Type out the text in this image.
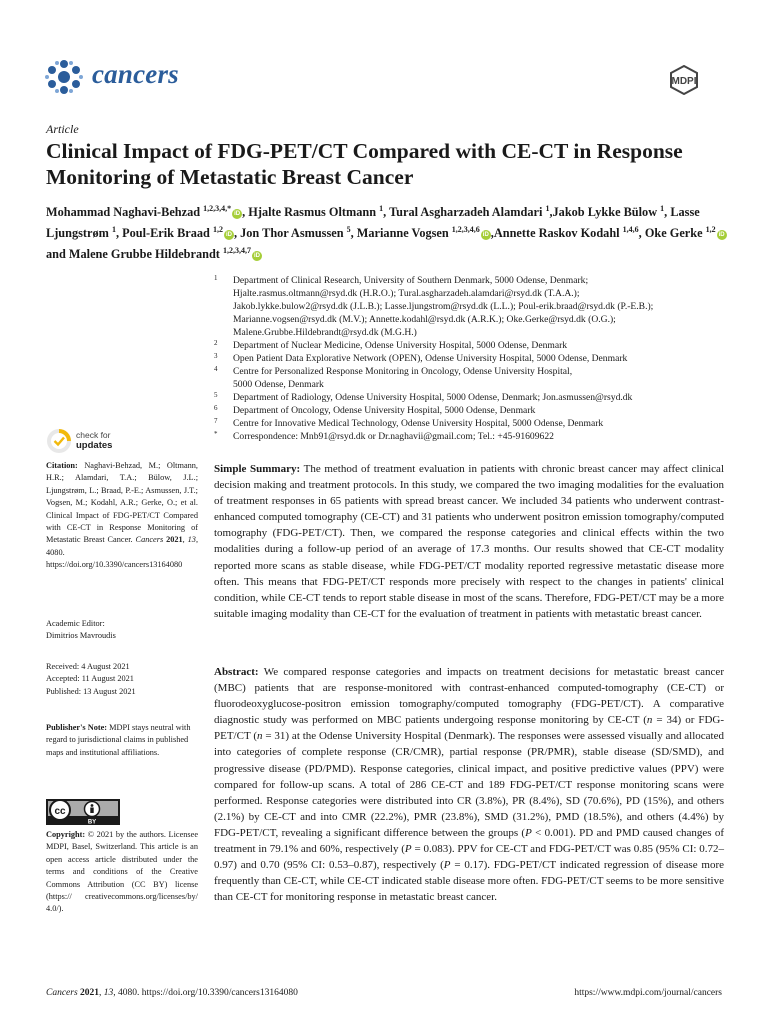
cancers	MDPI
Article
Clinical Impact of FDG-PET/CT Compared with CE-CT in Response Monitoring of Metastatic Breast Cancer
Mohammad Naghavi-Behzad $^{1,2,3,4,*}$iD , Hjalte Rasmus Oltmann $^1$, Tural Asgharzadeh Alamdari $^1$,Jakob Lykke Bülow $^1$, Lasse Ljungstrøm $^1$, Poul-Erik Braad $^{1,2}$iD , Jon Thor Asmussen $^5$, Marianne Vogsen $^{1,2,3,4,6}$iD ,Annette Raskov Kodahl $^{1,4,6}$, Oke Gerke $^{1,2}$iD and Malene Grubbe Hildebrandt $^{1,2,3,4,7}$iD
1 Department of Clinical Research, University of Southern Denmark, 5000 Odense, Denmark;
Hjalte.rasmus.oltmann@rsyd.dk (H.R.O.); Tural.asgharzadeh.alamdari@rsyd.dk (T.A.A.);
Jakob.lykke.bulow2@rsyd.dk (J.L.B.); Lasse.ljungstrom@rsyd.dk (L.L.); Poul-erik.braad@rsyd.dk (P.-E.B.);
Marianne.vogsen@rsyd.dk (M.V.); Annette.kodahl@rsyd.dk (A.R.K.); Oke.Gerke@rsyd.dk (O.G.);
Malene.Grubbe.Hildebrandt@rsyd.dk (M.G.H.)
2 Department of Nuclear Medicine, Odense University Hospital, 5000 Odense, Denmark
3 Open Patient Data Explorative Network (OPEN), Odense University Hospital, 5000 Odense, Denmark
4 Centre for Personalized Response Monitoring in Oncology, Odense University Hospital,
5000 Odense, Denmark
5 Department of Radiology, Odense University Hospital, 5000 Odense, Denmark; Jon.asmussen@rsyd.dk
6 Department of Oncology, Odense University Hospital, 5000 Odense, Denmark
7 Centre for Innovative Medical Technology, Odense University Hospital, 5000 Odense, Denmark
* Correspondence: Mnb91@rsyd.dk or Dr.naghavii@gmail.com; Tel.: +45-91609622
check for
updates
Citation: Naghavi-Behzad, M.; Oltmann, H.R.; Alamdari, T.A.; Bülow, J.L.; Ljungstrøm, L.; Braad, P.-E.; Asmussen, J.T.; Vogsen, M.; Kodahl, A.R.; Gerke, O.; et al. Clinical Impact of FDG-PET/CT Compared with CE-CT in Response Monitoring of Metastatic Breast Cancer. Cancers 2021, 13, 4080. https://doi.org/10.3390/cancers13164080
Academic Editor:
Dimitrios Mavroudis
Received: 4 August 2021
Accepted: 11 August 2021
Published: 13 August 2021
Publisher's Note: MDPI stays neutral with regard to jurisdictional claims in published maps and institutional affiliations.
cc
BY
Copyright: © 2021 by the authors. Licensee MDPI, Basel, Switzerland. This article is an open access article distributed under the terms and conditions of the Creative Commons Attribution (CC BY) license (https:// creativecommons.org/licenses/by/ 4.0/).
Simple Summary: The method of treatment evaluation in patients with chronic breast cancer may affect clinical decision making and treatment protocols. In this study, we compared the two imaging modalities for the evaluation of treatment responses in 65 patients with spread breast cancer. We included 34 patients who underwent contrast-enhanced computed tomography (CE-CT) and 31 patients who underwent positron emission tomography/computed tomography (FDG-PET/CT). Then, we compared the response categories and clinical effects within the two modalities during a follow-up period of an average of 17.3 months. Our results showed that CE-CT modality reported more scans as stable disease, while FDG-PET/CT modality reported regressive metastatic disease more often. This means that FDG-PET/CT responds more precisely with respect to the changes in patients' clinical condition, while CE-CT tends to report stable disease in most of the scans. Therefore, FDG-PET/CT may be a more suitable imaging modality than CE-CT for the evaluation of treatment in patients with metastatic breast cancer.
Abstract: We compared response categories and impacts on treatment decisions for metastatic breast cancer (MBC) patients that are response-monitored with contrast-enhanced computed-tomography (CE-CT) or fluorodeoxyglucose-positron emission tomography/computed tomography (FDG-PET/CT). A comparative diagnostic study was performed on MBC patients undergoing response monitoring by CE-CT (n = 34) or FDG-PET/CT (n = 31) at the Odense University Hospital (Denmark). The responses were assessed visually and allocated into categories of complete response (CR/CMR), partial response (PR/PMR), stable disease (SD/SMD), and progressive disease (PD/PMD). Response categories, clinical impact, and positive predictive values (PPV) were compared for follow-up scans. A total of 286 CE-CT and 189 FDG-PET/CT response monitoring scans were performed. Response categories were distributed into CR (3.8%), PR (8.4%), SD (70.6%), PD (15%), and others (2.1%) by CE-CT and into CMR (22.2%), PMR (23.8%), SMD (31.2%), PMD (18.5%), and others (4.4%) by FDG-PET/CT, revealing a significant difference between the groups (P < 0.001). PD and PMD caused changes of treatment in 79.1% and 60%, respectively (P = 0.083). PPV for CE-CT and FDG-PET/CT was 0.85 (95% CI: 0.72–0.97) and 0.70 (95% CI: 0.53–0.87), respectively (P = 0.17). FDG-PET/CT indicated regression of disease more frequently than CE-CT, while CE-CT indicated stable disease more often. FDG-PET/CT seems to be more sensitive than CE-CT for monitoring response in metastatic breast cancer.
Cancers 2021, 13, 4080. https://doi.org/10.3390/cancers13164080	https://www.mdpi.com/journal/cancers
